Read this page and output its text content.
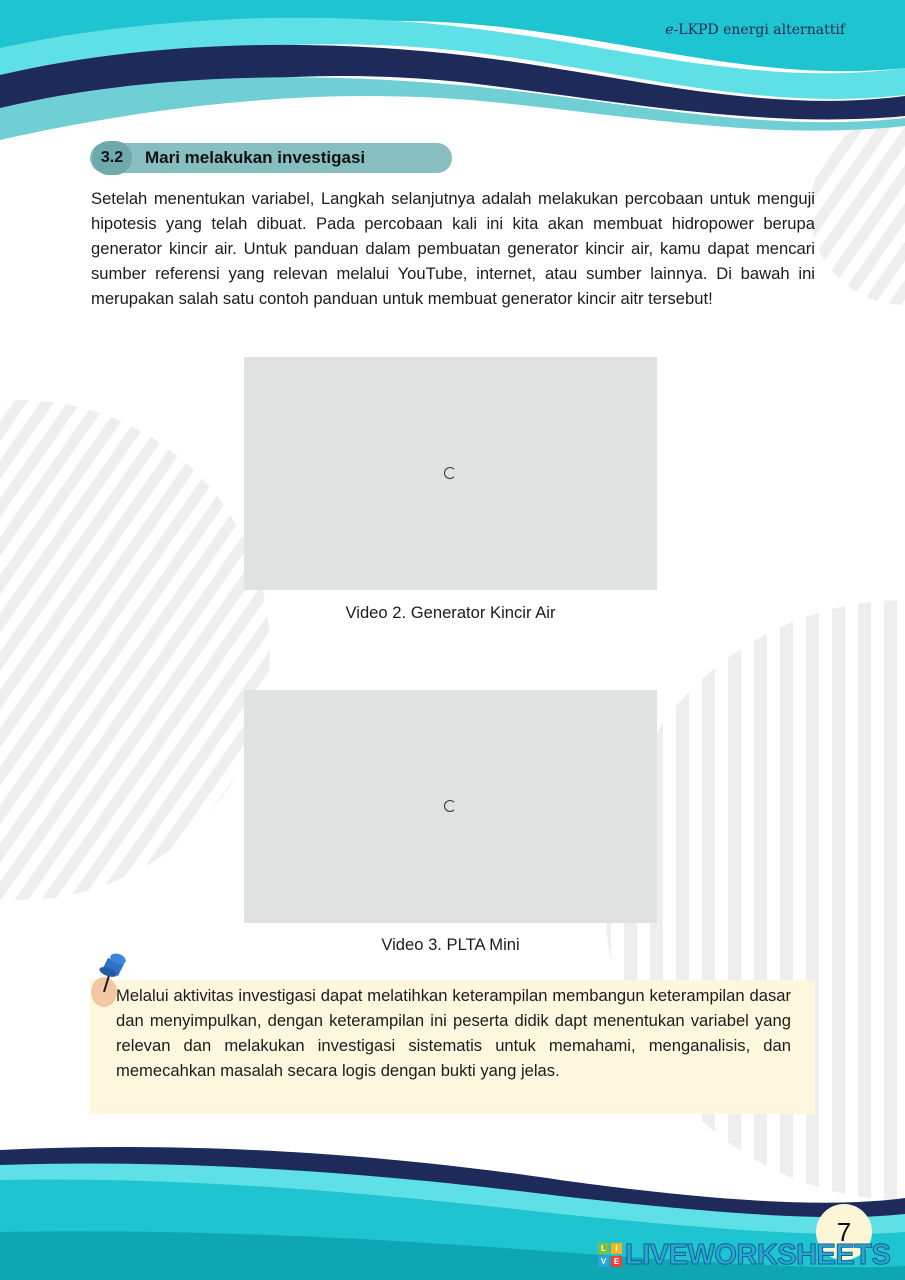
e-LKPD energi alternattif
3.2	Mari melakukan investigasi
Setelah menentukan variabel, Langkah selanjutnya adalah melakukan percobaan untuk menguji hipotesis yang telah dibuat. Pada percobaan kali ini kita akan membuat hidropower berupa generator kincir air. Untuk panduan dalam pembuatan generator kincir air, kamu dapat mencari sumber referensi yang relevan melalui YouTube, internet, atau sumber lainnya. Di bawah ini merupakan salah satu contoh panduan untuk membuat generator kincir aitr tersebut!
Video 2. Generator Kincir Air
Video 3. PLTA Mini
Melalui aktivitas investigasi dapat melatihkan keterampilan membangun keterampilan dasar dan menyimpulkan, dengan keterampilan ini peserta didik dapt menentukan variabel yang relevan dan melakukan investigasi sistematis untuk memahami, menganalisis, dan memecahkan masalah secara logis dengan bukti yang jelas.
7
L	I
V E LIVEWORKSHEETS
